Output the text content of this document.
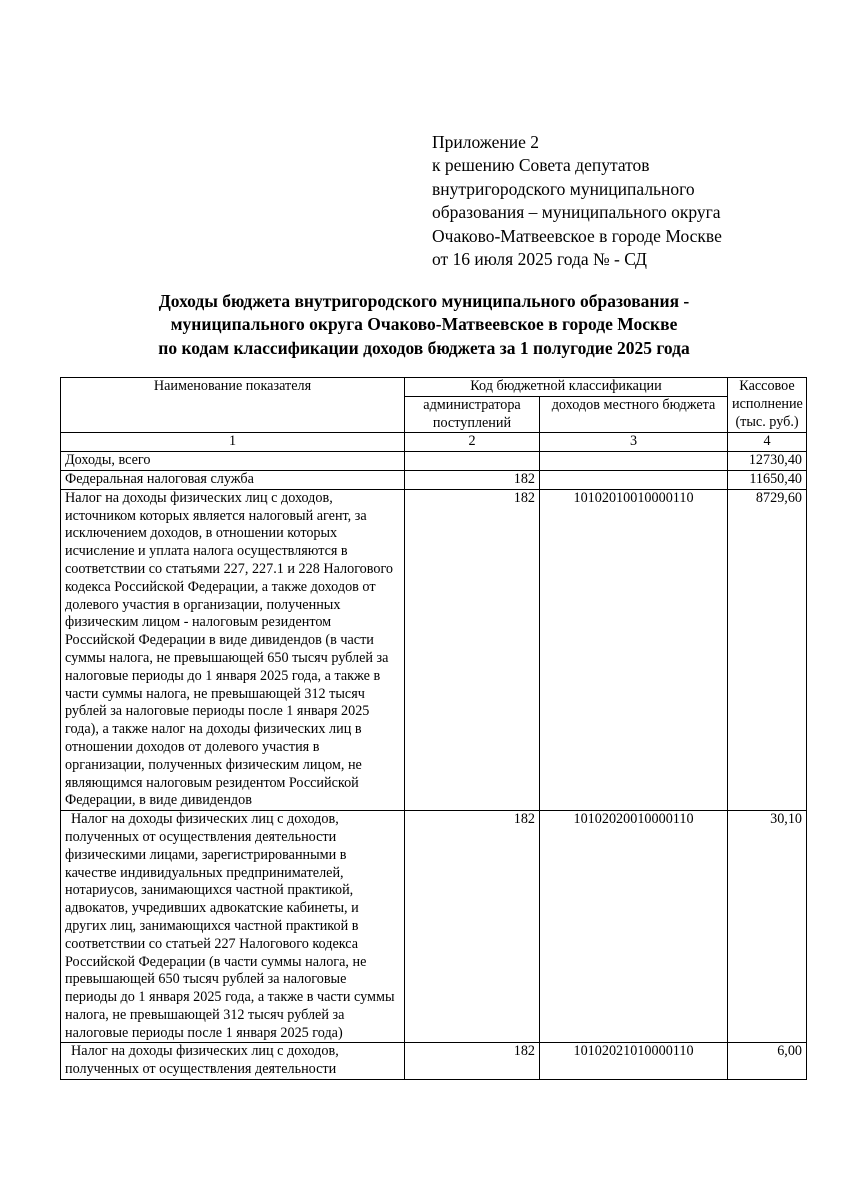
Приложение 2
к решению Совета депутатов
внутригородского муниципального
образования – муниципального округа
Очаково-Матвеевское в городе Москве
от 16 июля 2025 года № - СД
Доходы бюджета внутригородского муниципального образования -
муниципального округа Очаково-Матвеевское в городе Москве
по кодам классификации доходов бюджета за 1 полугодие 2025 года
Наименование показателя	Код бюджетной классификации		Кассовое исполнение (тыс. руб.)
	администратора поступлений	доходов местного бюджета	
1	2	3	4
Доходы, всего			12730,40
Федеральная налоговая служба	182		11650,40
Налог на доходы физических лиц с доходов, источником которых является налоговый агент, за исключением доходов, в отношении которых исчисление и уплата налога осуществляются в соответствии со статьями 227, 227.1 и 228 Налогового кодекса Российской Федерации, а также доходов от долевого участия в организации, полученных физическим лицом - налоговым резидентом Российской Федерации в виде дивидендов (в части суммы налога, не превышающей 650 тысяч рублей за налоговые периоды до 1 января 2025 года, а также в части суммы налога, не превышающей 312 тысяч рублей за налоговые периоды после 1 января 2025 года), а также налог на доходы физических лиц в отношении доходов от долевого участия в организации, полученных физическим лицом, не являющимся налоговым резидентом Российской Федерации, в виде дивидендов	182	10102010010000110	8729,60
Налог на доходы физических лиц с доходов, полученных от осуществления деятельности физическими лицами, зарегистрированными в качестве индивидуальных предпринимателей, нотариусов, занимающихся частной практикой, адвокатов, учредивших адвокатские кабинеты, и других лиц, занимающихся частной практикой в соответствии со статьей 227 Налогового кодекса Российской Федерации (в части суммы налога, не превышающей 650 тысяч рублей за налоговые периоды до 1 января 2025 года, а также в части суммы налога, не превышающей 312 тысяч рублей за налоговые периоды после 1 января 2025 года)	182	10102020010000110	30,10
Налог на доходы физических лиц с доходов, полученных от осуществления деятельности	182	10102021010000110	6,00
